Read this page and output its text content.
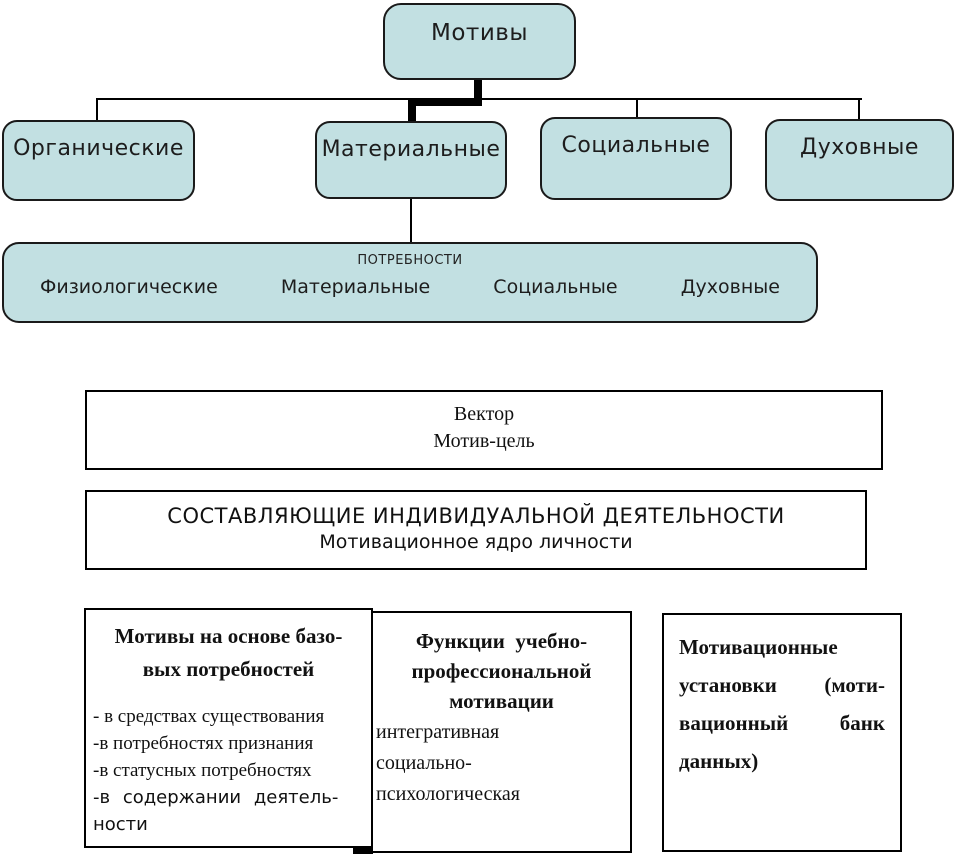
Мотивы
Органические	Материальные	Социальные	Духовные
ПОТРЕБНОСТИ
Физиологические	Материальные	Социальные	Духовные
Вектор
Мотив-цель
СОСТАВЛЯЮЩИЕ ИНДИВИДУАЛЬНОЙ ДЕЯТЕЛЬНОСТИ
Мотивационное ядро личности
Мотивы на основе базо-
вых потребностей
- в средствах существования
-в потребностях признания
-в статусных потребностях
-в содержании деятель-
ности
Функции  учебно-
профессиональной
мотивации
интегративная
социально-
психологическая
Мотивационные
установки (моти-
вационный банк
данных)
